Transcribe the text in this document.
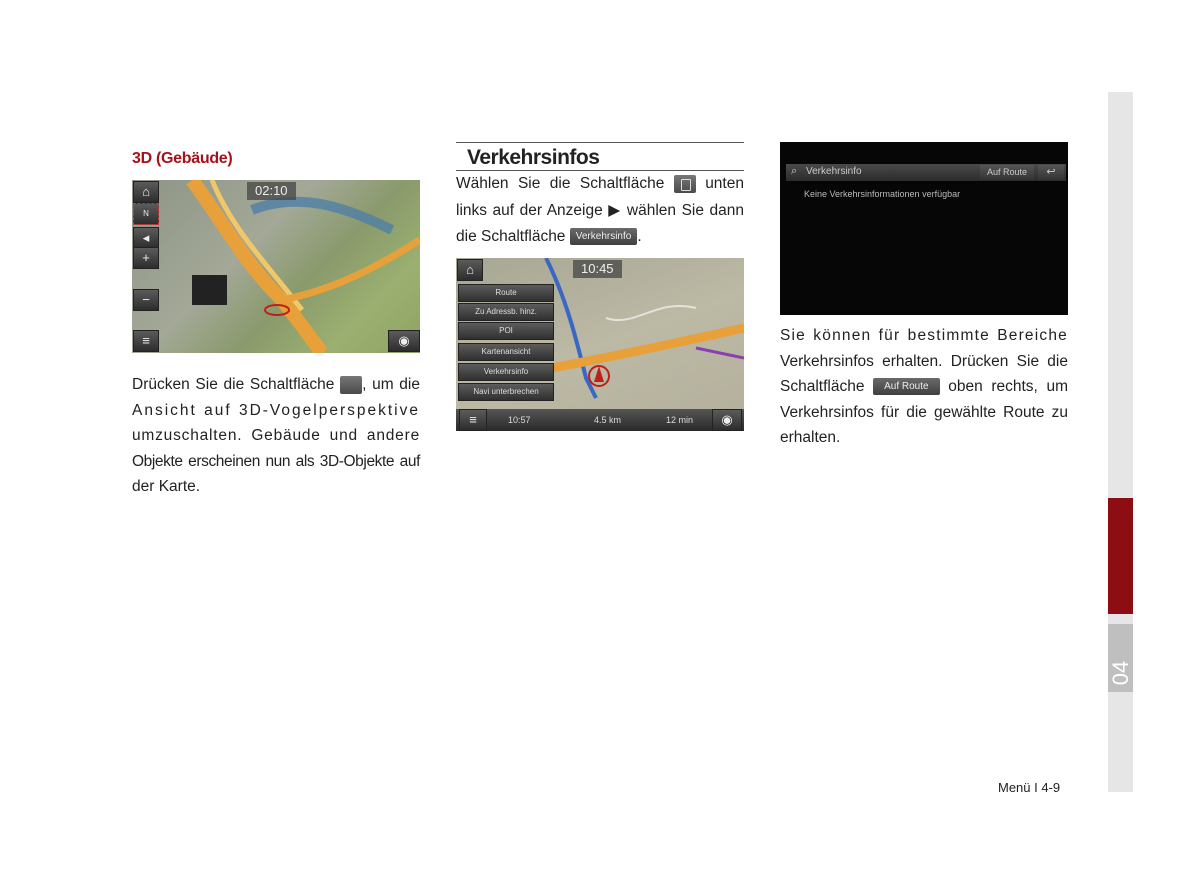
04
3D (Gebäude)
⌂
N
◂
+
−
02:10
≡	◉
Drücken Sie die Schaltfläche , um die
Ansicht auf 3D-Vogelperspektive
umzuschalten. Gebäude und andere
Objekte erscheinen nun als 3D-Objekte auf
der Karte.
Verkehrsinfos
Wählen Sie die Schaltfläche	unten
links auf der Anzeige ▶ wählen Sie dann
die Schaltfläche Verkehrsinfo .
⌂	10:45
Route
Zu Adressb. hinz.
POI
Kartenansicht
Verkehrsinfo
Navi unterbrechen
≡	10:57	4.5 km	12 min	◉
⌕ Verkehrsinfo	Auf Route	↩
Keine Verkehrsinformationen verfügbar
Sie können für bestimmte Bereiche
Verkehrsinfos erhalten. Drücken Sie die
Schaltfläche Auf Route oben rechts, um
Verkehrsinfos für die gewählte Route zu
erhalten.
Menü I 4-9
